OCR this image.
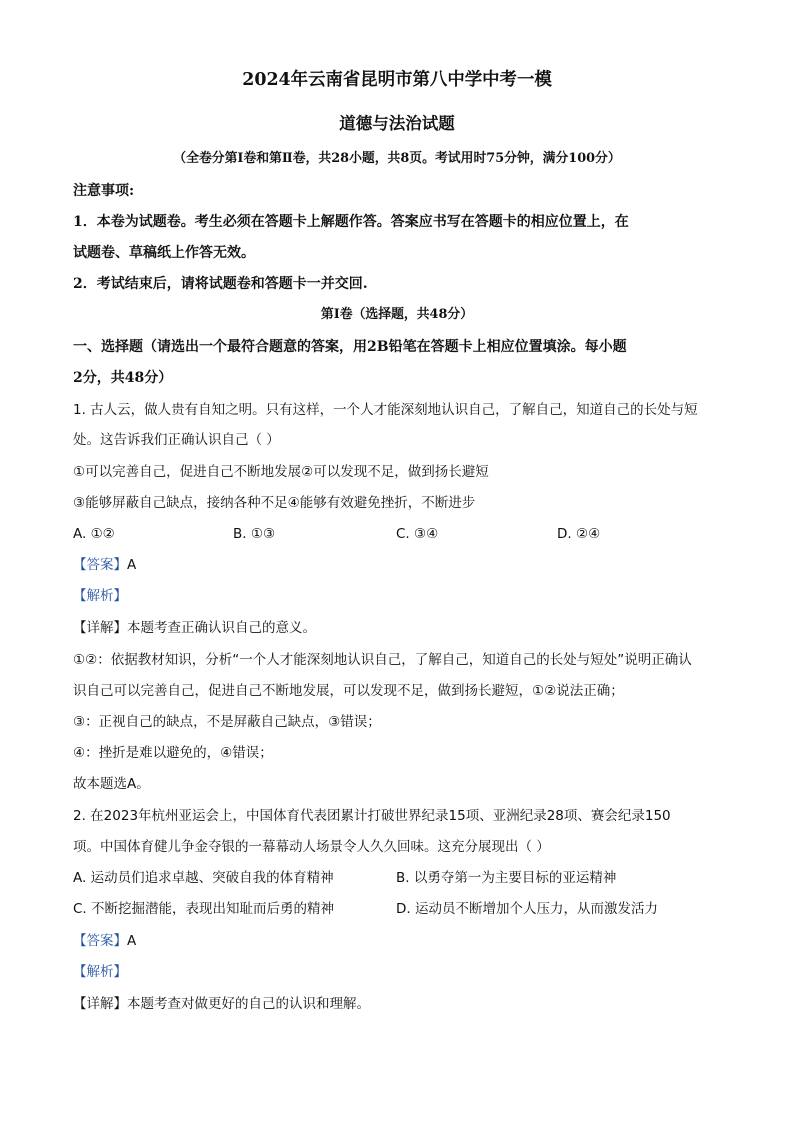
2024年云南省昆明市第八中学中考一模
道德与法治试题
（全卷分第Ⅰ卷和第Ⅱ卷，共28小题，共8页。考试用时75分钟，满分100分）
注意事项:
1．本卷为试题卷。考生必须在答题卡上解题作答。答案应书写在答题卡的相应位置上，在
试题卷、草稿纸上作答无效。
2．考试结束后，请将试题卷和答题卡一并交回.
第Ⅰ卷（选择题，共48分）
一、选择题（请选出一个最符合题意的答案，用2B铅笔在答题卡上相应位置填涂。每小题
2分，共48分）
1. 古人云，做人贵有自知之明。只有这样，一个人才能深刻地认识自己，了解自己，知道自己的长处与短
处。这告诉我们正确认识自己（ ）
①可以完善自己，促进自己不断地发展②可以发现不足，做到扬长避短
③能够屏蔽自己缺点，接纳各种不足④能够有效避免挫折，不断进步
A. ①②	B. ①③	C. ③④	D. ②④
【答案】A
【解析】
【详解】本题考查正确认识自己的意义。
①②：依据教材知识，分析“一个人才能深刻地认识自己，了解自己，知道自己的长处与短处”说明正确认
识自己可以完善自己，促进自己不断地发展，可以发现不足，做到扬长避短，①②说法正确；
③：正视自己的缺点，不是屏蔽自己缺点，③错误；
④：挫折是难以避免的，④错误；
故本题选A。
2. 在2023年杭州亚运会上，中国体育代表团累计打破世界纪录15项、亚洲纪录28项、赛会纪录150
项。中国体育健儿争金夺银的一幕幕动人场景令人久久回味。这充分展现出（ ）
A. 运动员们追求卓越、突破自我的体育精神	B. 以勇夺第一为主要目标的亚运精神
C. 不断挖掘潜能，表现出知耻而后勇的精神	D. 运动员不断增加个人压力，从而激发活力
【答案】A
【解析】
【详解】本题考查对做更好的自己的认识和理解。
